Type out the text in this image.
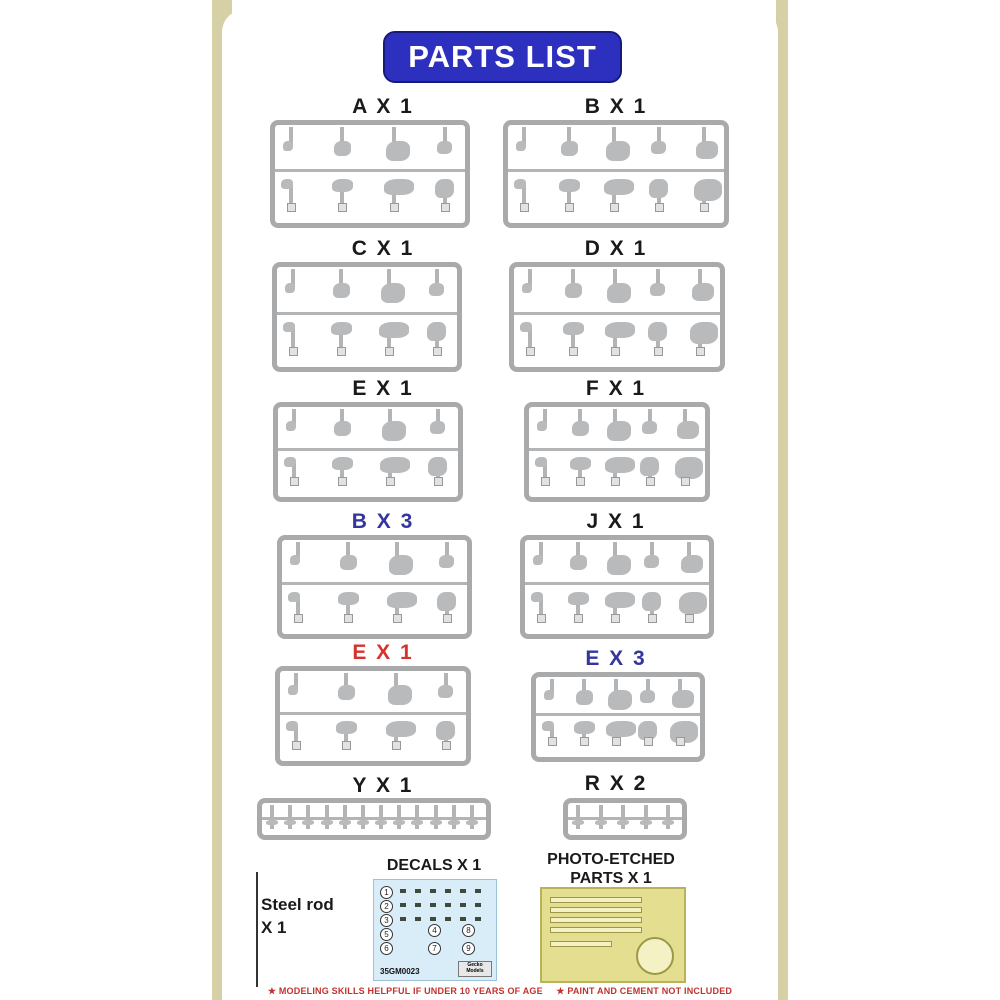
PARTS LIST
A X 1	B X 1
C X 1	D X 1
E X 1	F X 1
B X 3	J X 1
E X 1	E X 3
Y X 1	R X 2
Steel rod
X 1
DECALS X 1
35GM0023
Gecko Models
1
2
3
4
5
6	7
8
9
PHOTO-ETCHED
PARTS X 1
★ MODELING SKILLS HELPFUL IF UNDER 10 YEARS OF AGE ★ PAINT AND CEMENT NOT INCLUDED
